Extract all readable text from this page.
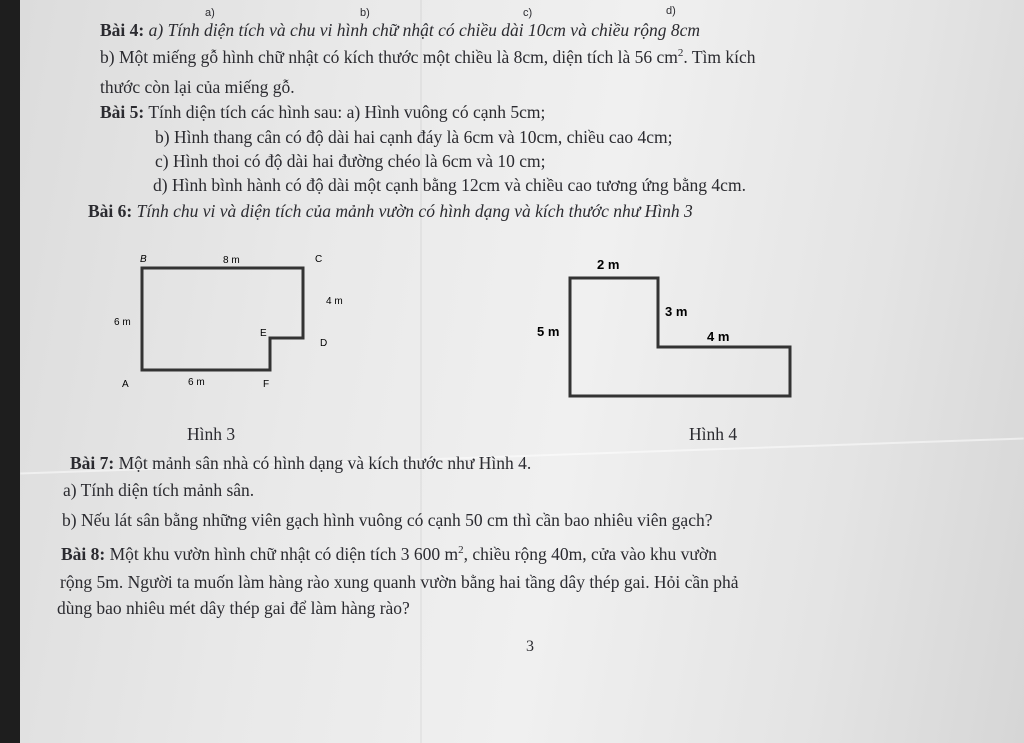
a)	b)	c)	d)
Bài 4: a) Tính diện tích và chu vi hình chữ nhật có chiều dài 10cm và chiều rộng 8cm
b) Một miếng gỗ hình chữ nhật có kích thước một chiều là 8cm, diện tích là 56 $cm^2$. Tìm kích
thước còn lại của miếng gỗ.
Bài 5: Tính diện tích các hình sau: a) Hình vuông có cạnh 5cm;
b) Hình thang cân có độ dài hai cạnh đáy là 6cm và 10cm, chiều cao 4cm;
c) Hình thoi có độ dài hai đường chéo là 6cm và 10 cm;
d) Hình bình hành có độ dài một cạnh bằng 12cm và chiều cao tương ứng bằng 4cm.
Bài 6: Tính chu vi và diện tích của mảnh vườn có hình dạng và kích thước như Hình 3
B	C
D
E
F
A
8 m
6 m
4 m
6 m
2 m
5 m
3 m
4 m
Hình 3	Hình 4
Bài 7: Một mảnh sân nhà có hình dạng và kích thước như Hình 4.
a) Tính diện tích mảnh sân.
b) Nếu lát sân bằng những viên gạch hình vuông có cạnh 50 cm thì cần bao nhiêu viên gạch?
Bài 8: Một khu vườn hình chữ nhật có diện tích 3 600 $m^2$, chiều rộng 40m, cửa vào khu vườn
rộng 5m. Người ta muốn làm hàng rào xung quanh vườn bằng hai tầng dây thép gai. Hỏi cần phả
dùng bao nhiêu mét dây thép gai để làm hàng rào?
3
